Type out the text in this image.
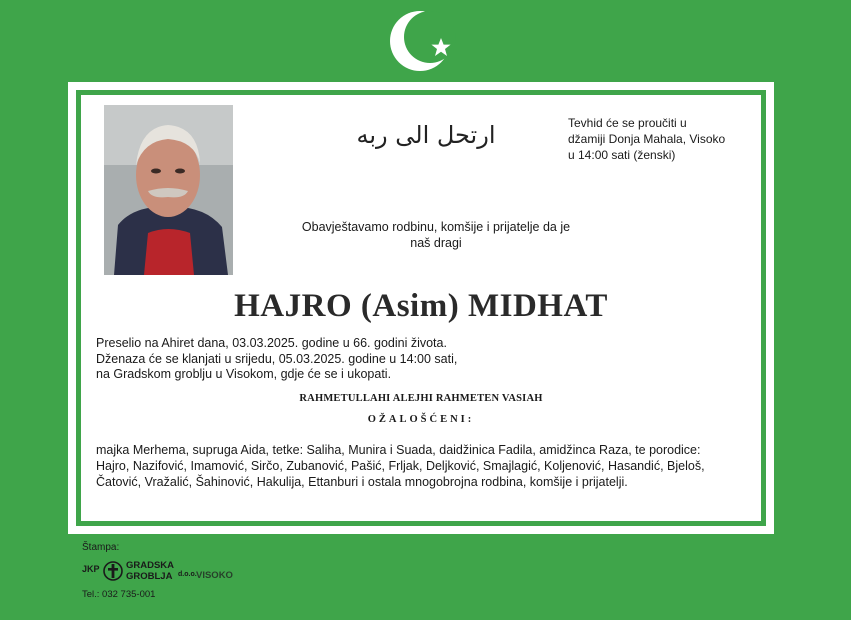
ارتحل الى ربه	Tevhid će se proučiti u
džamiji Donja Mahala, Visoko
u 14:00 sati (ženski)
Obavještavamo rodbinu, komšije i prijatelje da je
naš dragi
HAJRO (Asim) MIDHAT
Preselio na Ahiret dana, 03.03.2025. godine u 66. godini života.
Dženaza će se klanjati u srijedu, 05.03.2025. godine u 14:00 sati,
na Gradskom groblju u Visokom, gdje će se i ukopati.
RAHMETULLAHI ALEJHI RAHMETEN VASIAH
OŽALOŠĆENI:
majka Merhema, supruga Aida, tetke: Saliha, Munira i Suada, daidžinica Fadila, amidžinca Raza, te porodice:
Hajro, Nazifović, Imamović, Sirčo, Zubanović, Pašić, Frljak, Deljković, Smajlagić, Koljenović, Hasandić, Bjeloš,
Čatović, Vražalić, Šahinović, Hakulija, Ettanburi i ostala mnogobrojna rodbina, komšije i prijatelji.
Štampa:
JKP	GRADSKA
GROBLJA d.o.o. VISOKO
Tel.: 032 735-001
